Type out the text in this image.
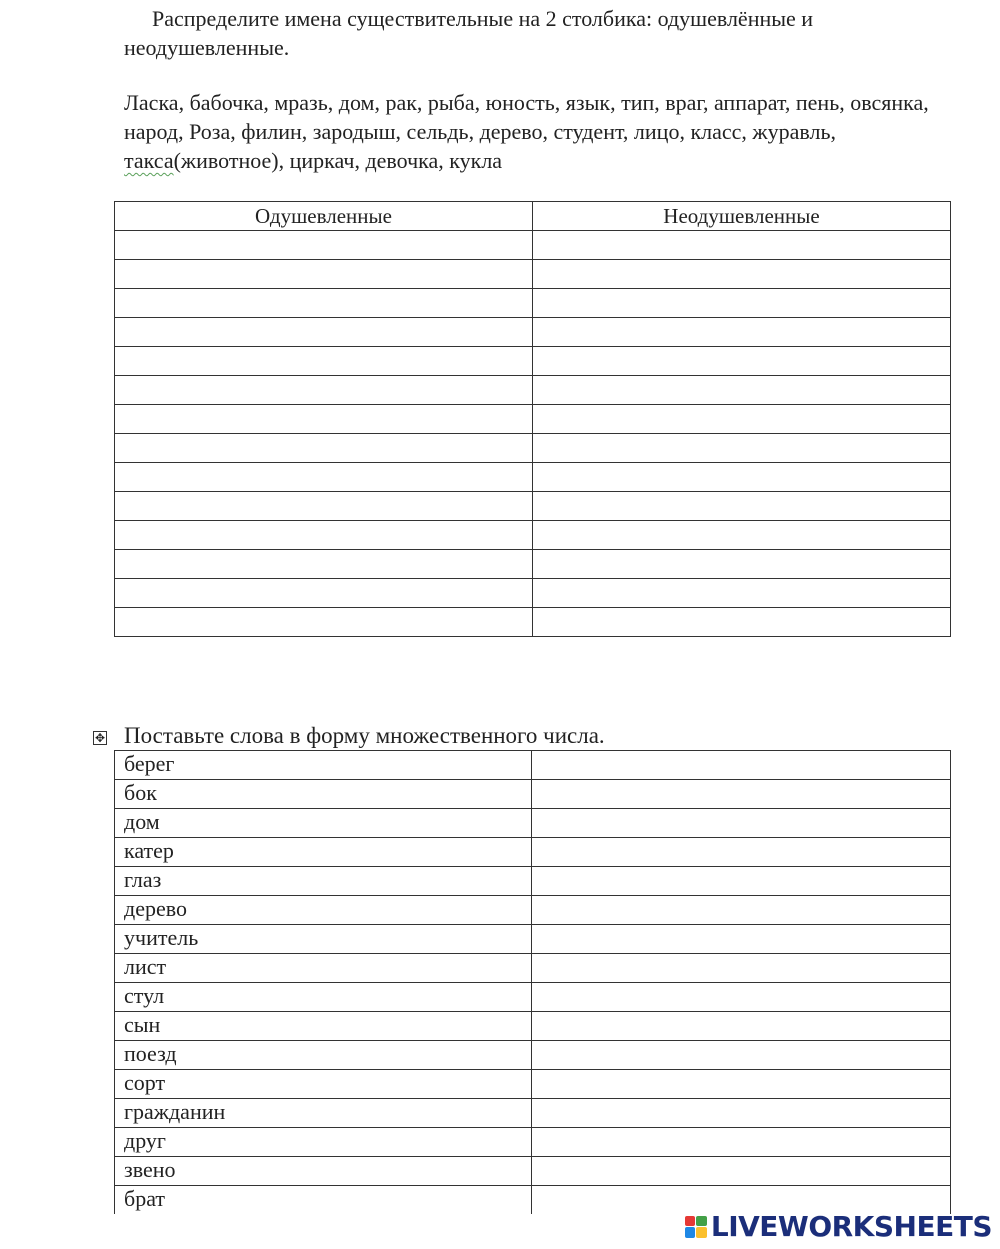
Распределите имена существительные на 2 столбика: одушевлённые и неодушевленные.
Ласка, бабочка, мразь, дом, рак, рыба, юность, язык, тип, враг, аппарат, пень, овсянка, народ, Роза, филин, зародыш, сельдь, дерево, студент, лицо, класс, журавль, такса(животное), циркач, девочка, кукла
Одушевленные	Неодушевленные

✥ Поставьте слова в форму множественного числа.
берег	
бок	
дом	
катер	
глаз	
дерево	
учитель	
лист	
стул	
сын	
поезд	
сорт	
гражданин	
друг	
звено	
брат	
LIVEWORKSHEETS
